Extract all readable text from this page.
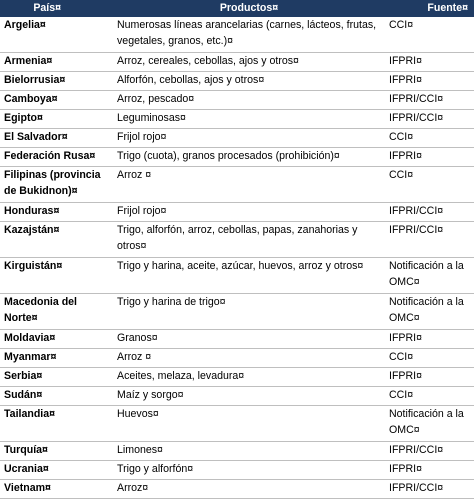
País¤	Productos¤	Fuente¤
Argelia¤	Numerosas líneas arancelarias (carnes, lácteos, frutas, vegetales, granos, etc.)¤	CCI¤
Armenia¤	Arroz, cereales, cebollas, ajos y otros¤	IFPRI¤
Bielorrusia¤	Alforfón, cebollas, ajos y otros¤	IFPRI¤
Camboya¤	Arroz, pescado¤	IFPRI/CCI¤
Egipto¤	Leguminosas¤	IFPRI/CCI¤
El Salvador¤	Frijol rojo¤	CCI¤
Federación Rusa¤	Trigo (cuota), granos procesados (prohibición)¤	IFPRI¤
Filipinas (provincia de Bukidnon)¤	Arroz ¤	CCI¤
Honduras¤	Frijol rojo¤	IFPRI/CCI¤
Kazajstán¤	Trigo, alforfón, arroz, cebollas, papas, zanahorias y otros¤	IFPRI/CCI¤
Kirguistán¤	Trigo y harina, aceite, azúcar, huevos, arroz y otros¤	Notificación a la OMC¤
Macedonia del Norte¤	Trigo y harina de trigo¤	Notificación a la OMC¤
Moldavia¤	Granos¤	IFPRI¤
Myanmar¤	Arroz ¤	CCI¤
Serbia¤	Aceites, melaza, levadura¤	IFPRI¤
Sudán¤	Maíz y sorgo¤	CCI¤
Tailandia¤	Huevos¤	Notificación a la OMC¤
Turquía¤	Limones¤	IFPRI/CCI¤
Ucrania¤	Trigo y alforfón¤	IFPRI¤
Vietnam¤	Arroz¤	IFPRI/CCI¤
